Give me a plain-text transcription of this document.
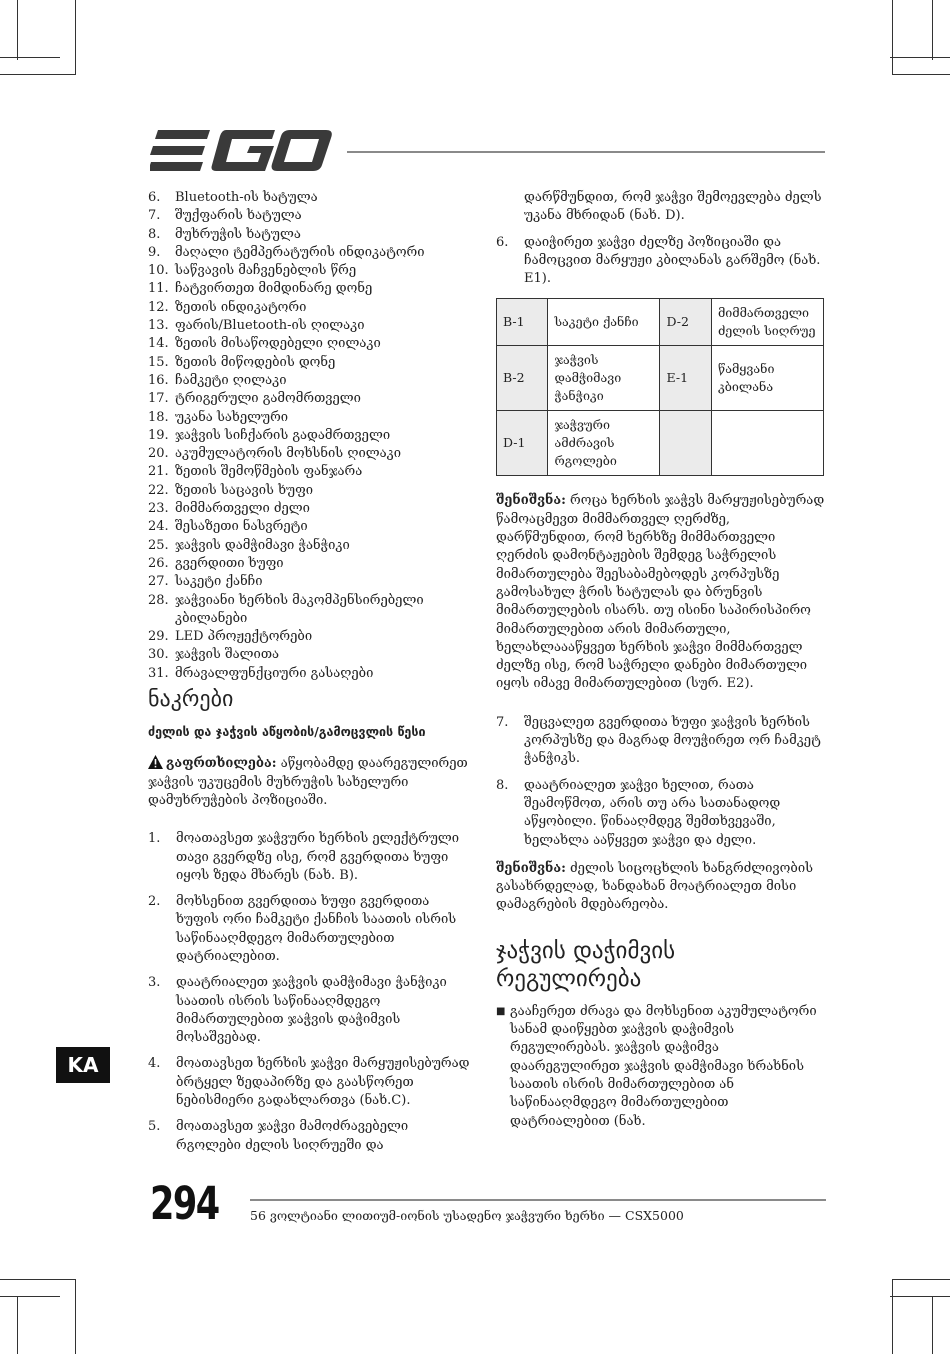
6.	Bluetooth-ის ხატულა
7.	შუქფარის ხატულა
8.	მუხრუჭის ხატულა
9.	მაღალი ტემპერატურის ინდიკატორი
10. საწვავის მაჩვენებლის წრე
11. ჩატვირთეთ მიმდინარე დონე
12. ზეთის ინდიკატორი
13. ფარის/Bluetooth-ის ღილაკი
14. ზეთის მისაწოდებელი ღილაკი
15. ზეთის მიწოდების დონე
16. ჩამკეტი ღილაკი
17. ტრიგერული გამომრთველი
18. უკანა სახელური
19. ჯაჭვის სიჩქარის გადამრთველი
20. აკუმულატორის მოხსნის ღილაკი
21. ზეთის შემოწმების ფანჯარა
22. ზეთის საცავის ხუფი
23. მიმმართველი ძელი
24. შესაზეთი ნასვრეტი
25. ჯაჭვის დამჭიმავი ჭანჭიკი
26. გვერდითი ხუფი
27. საკეტი ქანჩი
28. ჯაჭვიანი ხერხის მაკომპენსირებელი კბილანები
29. LED პროჟექტორები
30. ჯაჭვის შალითა
31. მრავალფუნქციური გასაღები
ნაკრები
ძელის და ჯაჭვის აწყობის/გამოცვლის წესი

გაფრთხილება: აწყობამდე დაარეგულირეთ ჯაჭვის უკუცემის მუხრუჭის სახელური დამუხრუჭების პოზიციაში.

1.	მოათავსეთ ჯაჭვური ხერხის ელექტრული თავი გვერდზე ისე, რომ გვერდითა ხუფი იყოს ზედა მხარეს (ნახ. B).
2.	მოხსენით გვერდითა ხუფი გვერდითა ხუფის ორი ჩამკეტი ქანჩის საათის ისრის საწინააღმდეგო მიმართულებით დატრიალებით.
3.	დაატრიალეთ ჯაჭვის დამჭიმავი ჭანჭიკი საათის ისრის საწინააღმდეგო მიმართულებით ჯაჭვის დაჭიმვის მოსაშვებად.
4.	მოათავსეთ ხერხის ჯაჭვი მარყუჟისებურად ბრტყელ ზედაპირზე და გაასწორეთ ნებისმიერი გადახლართვა (ნახ.C).
5.	მოათავსეთ ჯაჭვი მამოძრავებელი რგოლები ძელის სიღრუეში და

დარწმუნდით, რომ ჯაჭვი შემოევლება ძელს უკანა მხრიდან (ნახ. D).

6.	დაიჭირეთ ჯაჭვი ძელზე პოზიციაში და ჩამოცვით მარყუჟი კბილანას გარშემო (ნახ. E1).
B-1	საკეტი ქანჩი	D-2	მიმმართველი ძელის სიღრუე
B-2	ჯაჭვის დამჭიმავი ჭანჭიკი	E-1	წამყვანი კბილანა
D-1	ჯაჭვური ამძრავის რგოლები		

შენიშვნა: როცა ხერხის ჯაჭვს მარყუჟისებურად წამოაცმევთ მიმმართველ ღერძზე, დარწმუნდით, რომ ხერხზე მიმმართველი ღერძის დამონტაჟების შემდეგ საჭრელის მიმართულება შეესაბამებოდეს კორპუსზე გამოსახულ ჭრის ხატულას და ბრუნვის მიმართულების ისარს. თუ ისინი საპირისპირო მიმართულებით არის მიმართული, ხელახლაააწყვეთ ხერხის ჯაჭვი მიმმართველ ძელზე ისე, რომ საჭრელი დანები მიმართული იყოს იმავე მიმართულებით (სურ. E2).

7.	შეცვალეთ გვერდითა ხუფი ჯაჭვის ხერხის კორპუსზე და მაგრად მოუჭირეთ ორ ჩამკეტ ჭანჭიკს.
8.	დაატრიალეთ ჯაჭვი ხელით, რათა შეამოწმოთ, არის თუ არა სათანადოდ აწყობილი. წინააღმდეგ შემთხვევაში, ხელახლა ააწყვეთ ჯაჭვი და ძელი.

შენიშვნა: ძელის სიცოცხლის ხანგრძლივობის გასახრდელად, ხანდახან მოატრიალეთ მისი დამაგრების მდებარეობა.

ჯაჭვის დაჭიმვის რეგულირება
■ გააჩერეთ ძრავა და მოხსენით აკუმულატორი სანამ დაიწყებთ ჯაჭვის დაჭიმვის რეგულირებას. ჯაჭვის დაჭიმვა დაარეგულირეთ ჯაჭვის დამჭიმავი ხრახნის საათის ისრის მიმართულებით ან საწინააღმდეგო მიმართულებით დატრიალებით (ნახ.
KA
294	56 ვოლტიანი ლითიუმ-იონის უსადენო ჯაჭვური ხერხი — CSX5000
